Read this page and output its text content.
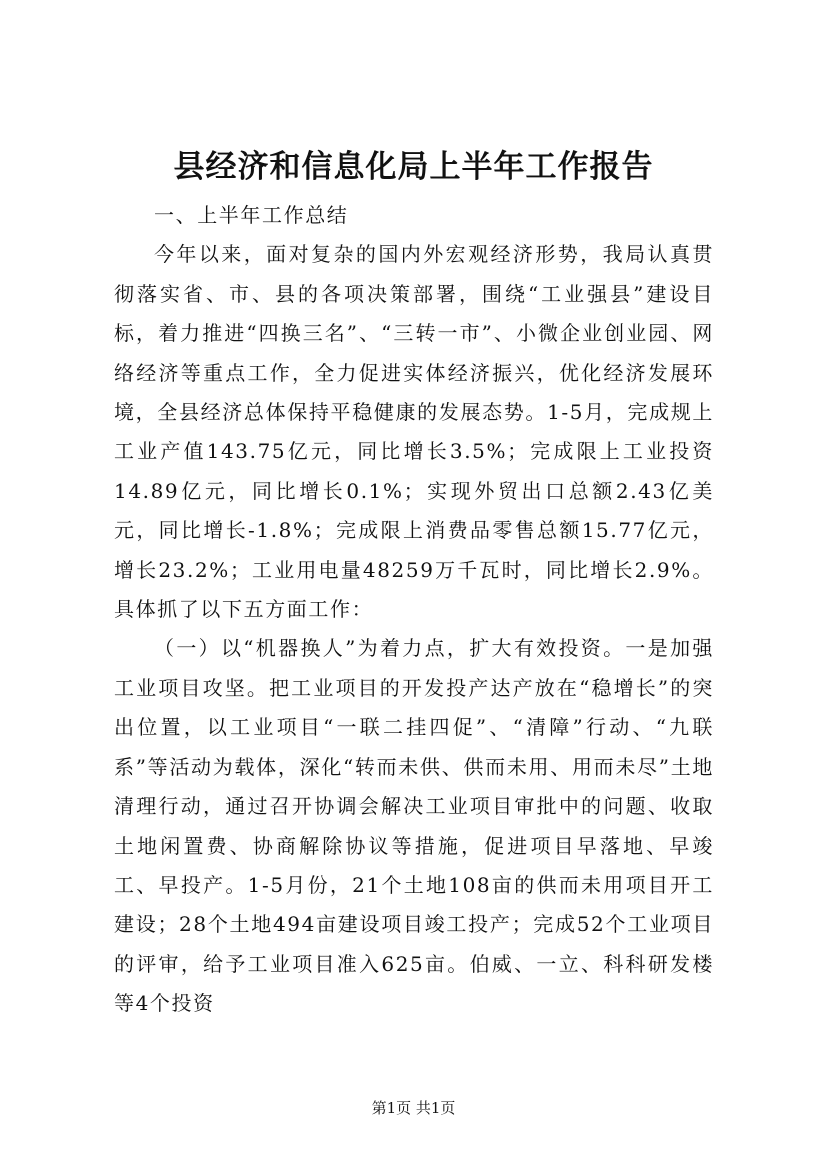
县经济和信息化局上半年工作报告

一、上半年工作总结

今年以来，面对复杂的国内外宏观经济形势，我局认真贯彻落实省、市、县的各项决策部署，围绕“工业强县”建设目标，着力推进“四换三名”、“三转一市”、小微企业创业园、网络经济等重点工作，全力促进实体经济振兴，优化经济发展环境，全县经济总体保持平稳健康的发展态势。1-5月，完成规上工业产值143.75亿元，同比增长3.5%；完成限上工业投资14.89亿元，同比增长0.1%；实现外贸出口总额2.43亿美元，同比增长-1.8%；完成限上消费品零售总额15.77亿元，增长23.2%；工业用电量48259万千瓦时，同比增长2.9%。具体抓了以下五方面工作：

（一）以“机器换人”为着力点，扩大有效投资。一是加强工业项目攻坚。把工业项目的开发投产达产放在“稳增长”的突出位置，以工业项目“一联二挂四促”、“清障”行动、“九联系”等活动为载体，深化“转而未供、供而未用、用而未尽”土地清理行动，通过召开协调会解决工业项目审批中的问题、收取土地闲置费、协商解除协议等措施，促进项目早落地、早竣工、早投产。1-5月份，21个土地108亩的供而未用项目开工建设；28个土地494亩建设项目竣工投产；完成52个工业项目的评审，给予工业项目准入625亩。伯威、一立、科科研发楼等4个投资

第1页 共1页
